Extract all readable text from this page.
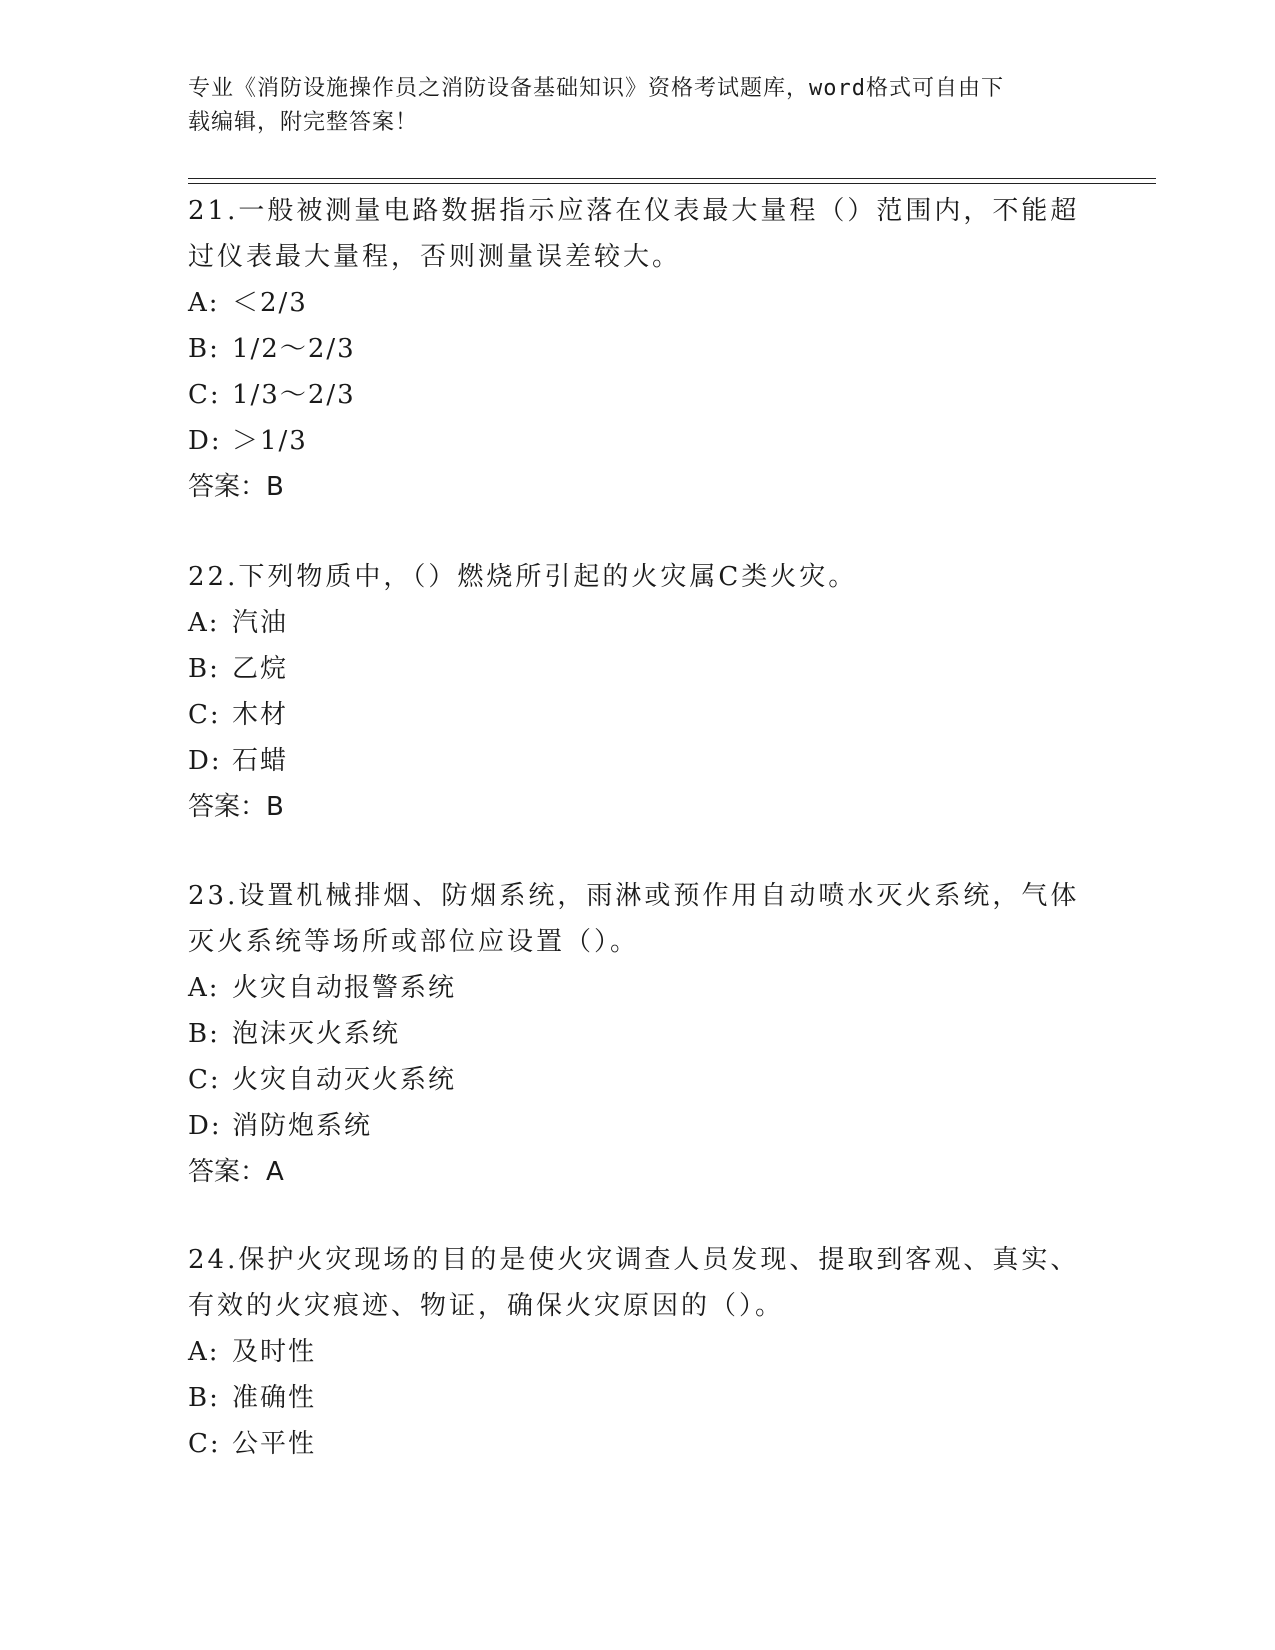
专业《消防设施操作员之消防设备基础知识》资格考试题库，word格式可自由下
载编辑，附完整答案！

21.一般被测量电路数据指示应落在仪表最大量程（）范围内，不能超过仪表最大量程，否则测量误差较大。

A: ＜2/3

B: 1/2～2/3

C: 1/3～2/3

D: ＞1/3

答案：B

22.下列物质中，（）燃烧所引起的火灾属C类火灾。

A: 汽油

B: 乙烷

C: 木材

D: 石蜡

答案：B

23.设置机械排烟、防烟系统，雨淋或预作用自动喷水灭火系统，气体灭火系统等场所或部位应设置（）。

A: 火灾自动报警系统

B: 泡沫灭火系统

C: 火灾自动灭火系统

D: 消防炮系统

答案：A

24.保护火灾现场的目的是使火灾调查人员发现、提取到客观、真实、有效的火灾痕迹、物证，确保火灾原因的（）。

A: 及时性

B: 准确性

C: 公平性
